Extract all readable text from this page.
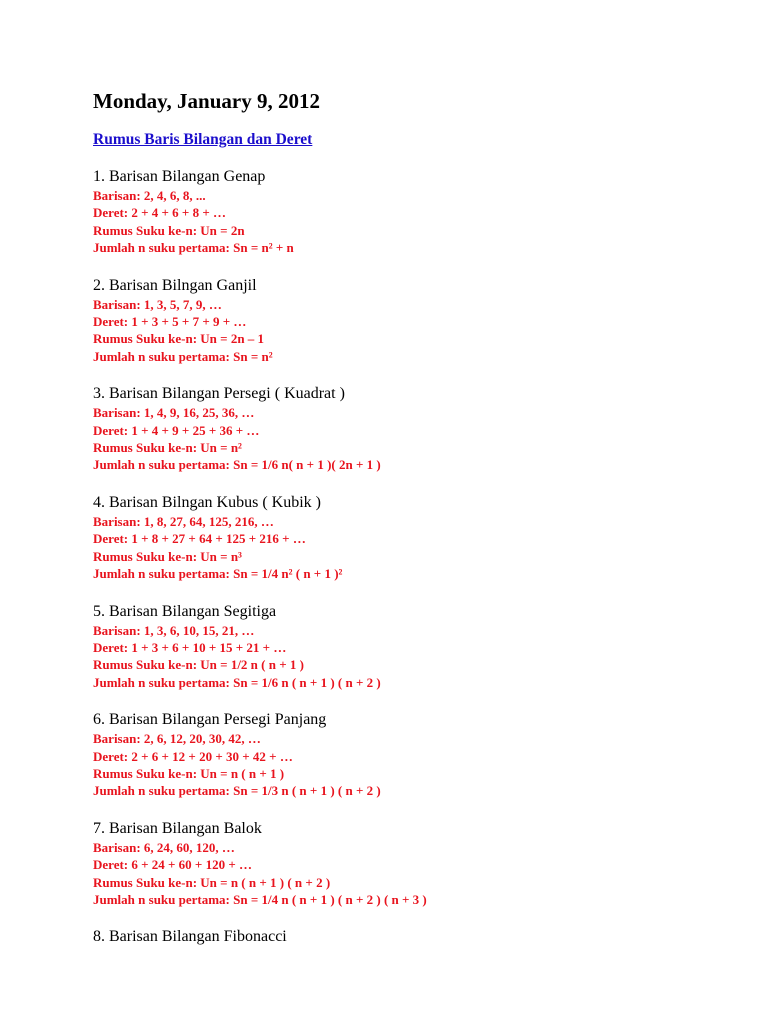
Monday, January 9, 2012
Rumus Baris Bilangan dan Deret
1. Barisan Bilangan Genap
Barisan: 2, 4, 6, 8, ...
Deret: 2 + 4 + 6 + 8 + …
Rumus Suku ke-n: Un = 2n
Jumlah n suku pertama: Sn = n² + n
2. Barisan Bilngan Ganjil
Barisan: 1, 3, 5, 7, 9, …
Deret: 1 + 3 + 5 + 7 + 9 + …
Rumus Suku ke-n: Un = 2n – 1
Jumlah n suku pertama: Sn = n²
3. Barisan Bilangan Persegi ( Kuadrat )
Barisan: 1, 4, 9, 16, 25, 36, …
Deret: 1 + 4 + 9 + 25 + 36 + …
Rumus Suku ke-n: Un = n²
Jumlah n suku pertama: Sn = 1/6 n( n + 1 )( 2n + 1 )
4. Barisan Bilngan Kubus ( Kubik )
Barisan: 1, 8, 27, 64, 125, 216, …
Deret: 1 + 8 + 27 + 64 + 125 + 216 + …
Rumus Suku ke-n: Un = n³
Jumlah n suku pertama: Sn = 1/4 n² ( n + 1 )²
5. Barisan Bilangan Segitiga
Barisan: 1, 3, 6, 10, 15, 21, …
Deret: 1 + 3 + 6 + 10 + 15 + 21 + …
Rumus Suku ke-n: Un = 1/2 n ( n + 1 )
Jumlah n suku pertama: Sn = 1/6 n ( n + 1 ) ( n + 2 )
6. Barisan Bilangan Persegi Panjang
Barisan: 2, 6, 12, 20, 30, 42, …
Deret: 2 + 6 + 12 + 20 + 30 + 42 + …
Rumus Suku ke-n: Un = n ( n + 1 )
Jumlah n suku pertama: Sn = 1/3 n ( n + 1 ) ( n + 2 )
7. Barisan Bilangan Balok
Barisan: 6, 24, 60, 120, …
Deret: 6 + 24 + 60 + 120 + …
Rumus Suku ke-n: Un = n ( n + 1 ) ( n + 2 )
Jumlah n suku pertama: Sn = 1/4 n ( n + 1 ) ( n + 2 ) ( n + 3 )
8. Barisan Bilangan Fibonacci
